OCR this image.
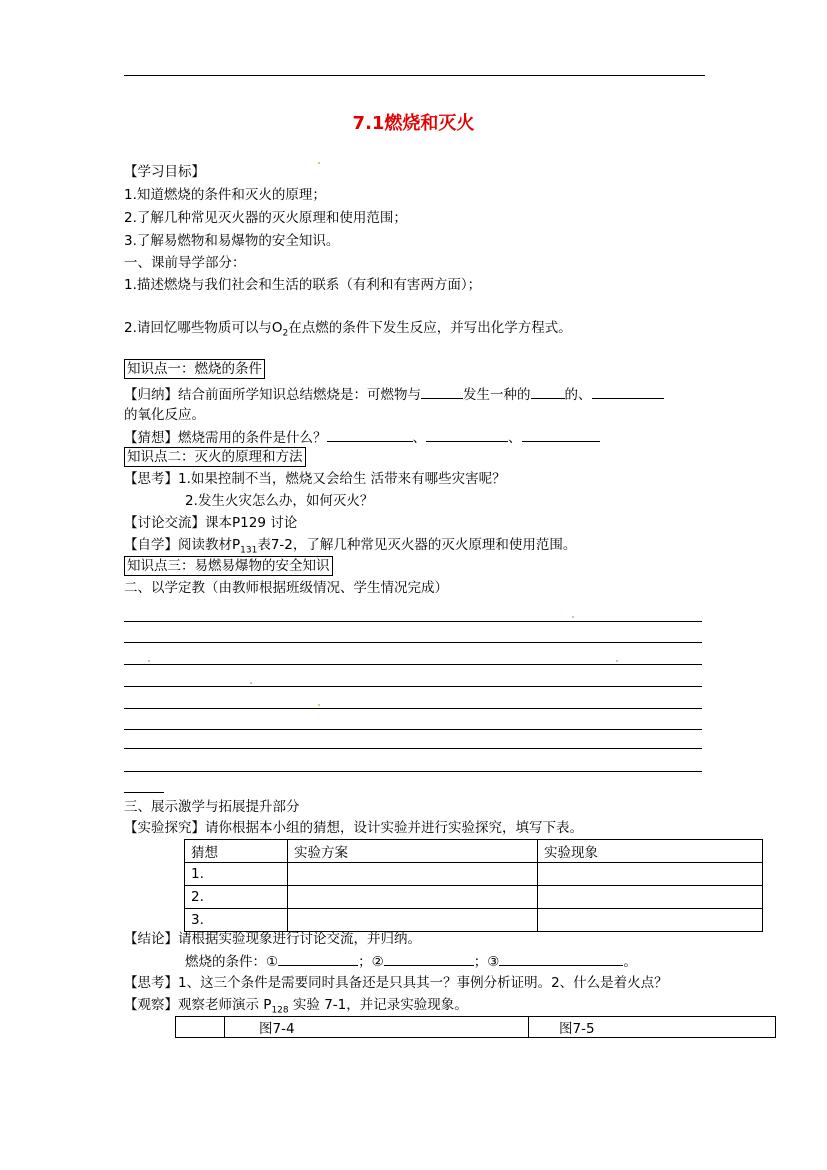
7.1燃烧和灭火
【学习目标】
1.知道燃烧的条件和灭火的原理；
2.了解几种常见灭火器的灭火原理和使用范围；
3.了解易燃物和易爆物的安全知识。
一、课前导学部分：
1.描述燃烧与我们社会和生活的联系（有利和有害两方面）；
2.请回忆哪些物质可以与$O_2$在点燃的条件下发生反应，并写出化学方程式。
知识点一：燃烧的条件
【归纳】结合前面所学知识总结燃烧是：可燃物与	发生一种的	的、
的氧化反应。
【猜想】燃烧需用的条件是什么？	、	、
知识点二：灭火的原理和方法
【思考】1.如果控制不当，燃烧又会给生 活带来有哪些灾害呢？
2.发生火灾怎么办，如何灭火？
【讨论交流】课本P129 讨论
【自学】阅读教材$P_{131}$表7-2，了解几种常见灭火器的灭火原理和使用范围。
知识点三：易燃易爆物的安全知识
二、以学定教（由教师根据班级情况、学生情况完成）
三、展示激学与拓展提升部分
【实验探究】请你根据本小组的猜想，设计实验并进行实验探究，填写下表。
猜想	实验方案	实验现象
1.		
2.		
3.		
【结论】请根据实验现象进行讨论交流，并归纳。
燃烧的条件：①	；②	；③	。
【思考】1、这三个条件是需要同时具备还是只具其一？事例分析证明。2、什么是着火点？
【观察】观察老师演示 $P_{128}$ 实验 7-1，并记录实验现象。
	图7-4	图7-5
